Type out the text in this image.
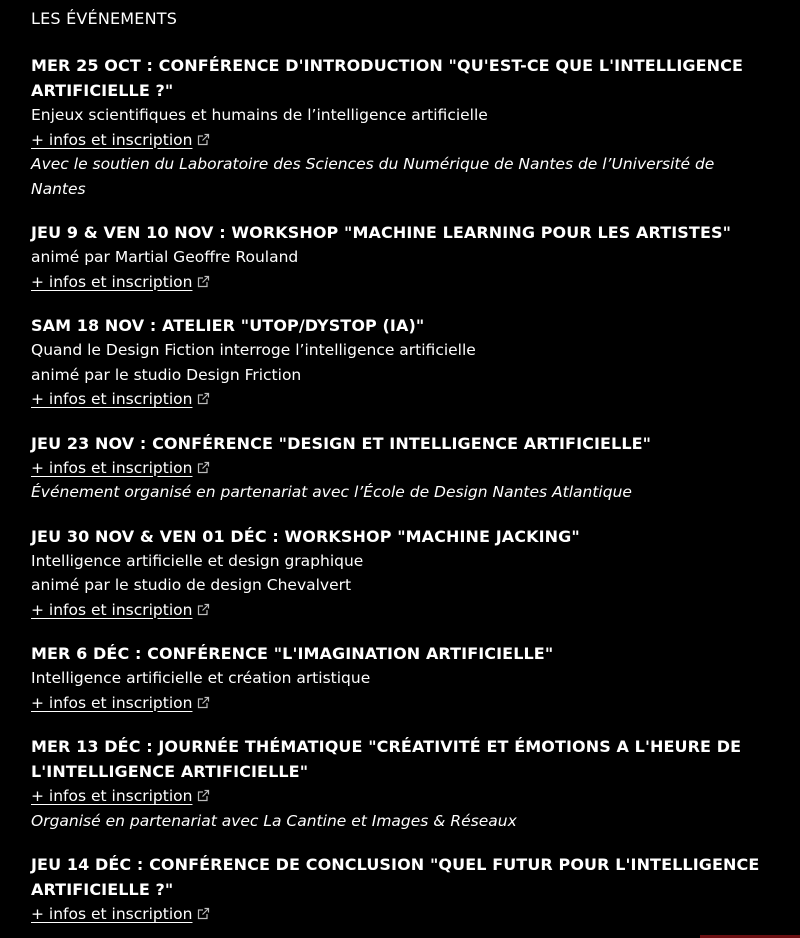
LES ÉVÉNEMENTS
MER 25 OCT : CONFÉRENCE D'INTRODUCTION "QU'EST-CE QUE L'INTELLIGENCE ARTIFICIELLE ?"

Enjeux scientifiques et humains de l’intelligence artificielle

+ infos et inscription

Avec le soutien du Laboratoire des Sciences du Numérique de Nantes de l’Université de Nantes

JEU 9 & VEN 10 NOV : WORKSHOP "MACHINE LEARNING POUR LES ARTISTES"

animé par Martial Geoffre Rouland

+ infos et inscription
SAM 18 NOV : ATELIER "UTOP/DYSTOP (IA)"

Quand le Design Fiction interroge l’intelligence artificielle

animé par le studio Design Friction

+ infos et inscription
JEU 23 NOV : CONFÉRENCE "DESIGN ET INTELLIGENCE ARTIFICIELLE"
+ infos et inscription

Événement organisé en partenariat avec l’École de Design Nantes Atlantique

JEU 30 NOV & VEN 01 DÉC : WORKSHOP "MACHINE JACKING"

Intelligence artificielle et design graphique

animé par le studio de design Chevalvert

+ infos et inscription
MER 6 DÉC : CONFÉRENCE "L'IMAGINATION ARTIFICIELLE"

Intelligence artificielle et création artistique

+ infos et inscription
MER 13 DÉC : JOURNÉE THÉMATIQUE "CRÉATIVITÉ ET ÉMOTIONS A L'HEURE DE L'INTELLIGENCE ARTIFICIELLE"
+ infos et inscription

Organisé en partenariat avec La Cantine et Images & Réseaux

JEU 14 DÉC : CONFÉRENCE DE CONCLUSION "QUEL FUTUR POUR L'INTELLIGENCE ARTIFICIELLE ?"
+ infos et inscription
